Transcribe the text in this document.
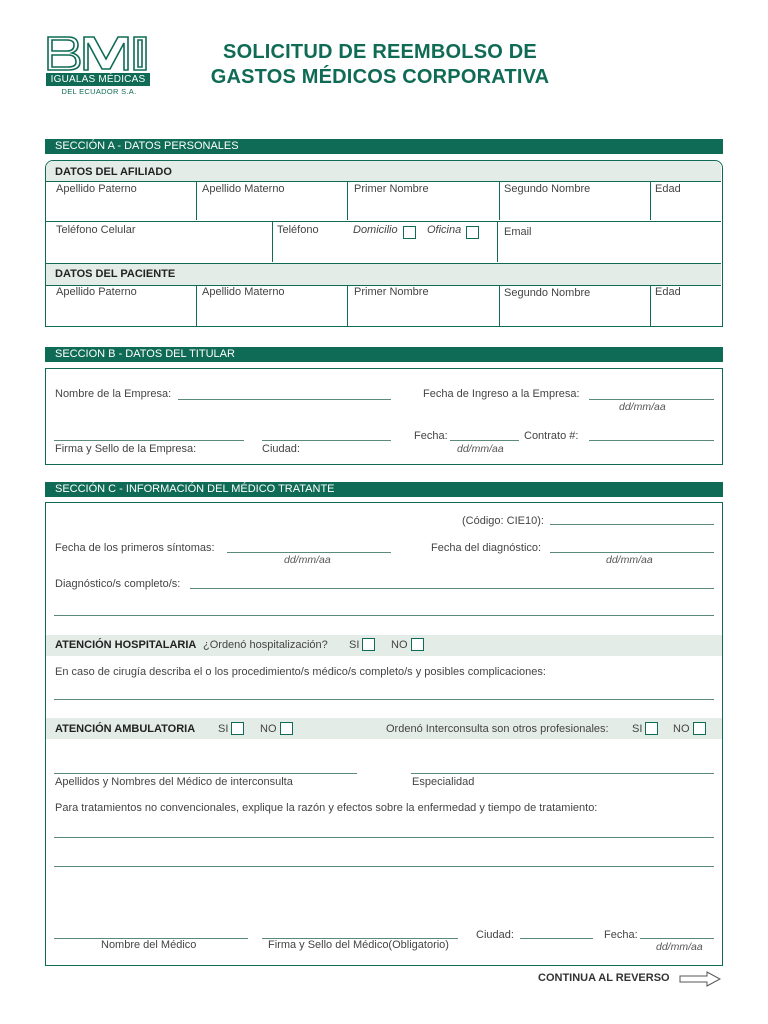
IGUALAS MÉDICAS
DEL ECUADOR S.A.
SOLICITUD DE REEMBOLSO DE
GASTOS MÉDICOS CORPORATIVA
SECCIÓN A - DATOS PERSONALES
DATOS DEL AFILIADO
Apellido Paterno	Apellido Materno	Primer Nombre	Segundo Nombre	Edad
Teléfono Celular	Teléfono	Domicilio	Oficina	Email
DATOS DEL PACIENTE
Apellido Paterno	Apellido Materno	Primer Nombre	Segundo Nombre	Edad
SECCION B - DATOS DEL TITULAR
Nombre de la Empresa:	Fecha de Ingreso a la Empresa:
dd/mm/aa
Firma y Sello de la Empresa:	Ciudad:
Fecha:
dd/mm/aa
Contrato #:
SECCIÓN C - INFORMACIÓN DEL MÉDICO TRATANTE
(Código: CIE10):
Fecha de los primeros síntomas:
dd/mm/aa
Fecha del diagnóstico:
dd/mm/aa
Diagnóstico/s completo/s:
ATENCIÓN HOSPITALARIA ¿Ordenó hospitalización? SI	NO
En caso de cirugía describa el o los procedimiento/s médico/s completo/s y posibles complicaciones:
ATENCIÓN AMBULATORIA SI	NO	Ordenó Interconsulta son otros profesionales: SI	NO
Apellidos y Nombres del Médico de interconsulta	Especialidad
Para tratamientos no convencionales, explique la razón y efectos sobre la enfermedad y tiempo de tratamiento:
Ciudad:	Fecha:
dd/mm/aa
Nombre del Médico	Firma y Sello del Médico(Obligatorio)
CONTINUA AL REVERSO
